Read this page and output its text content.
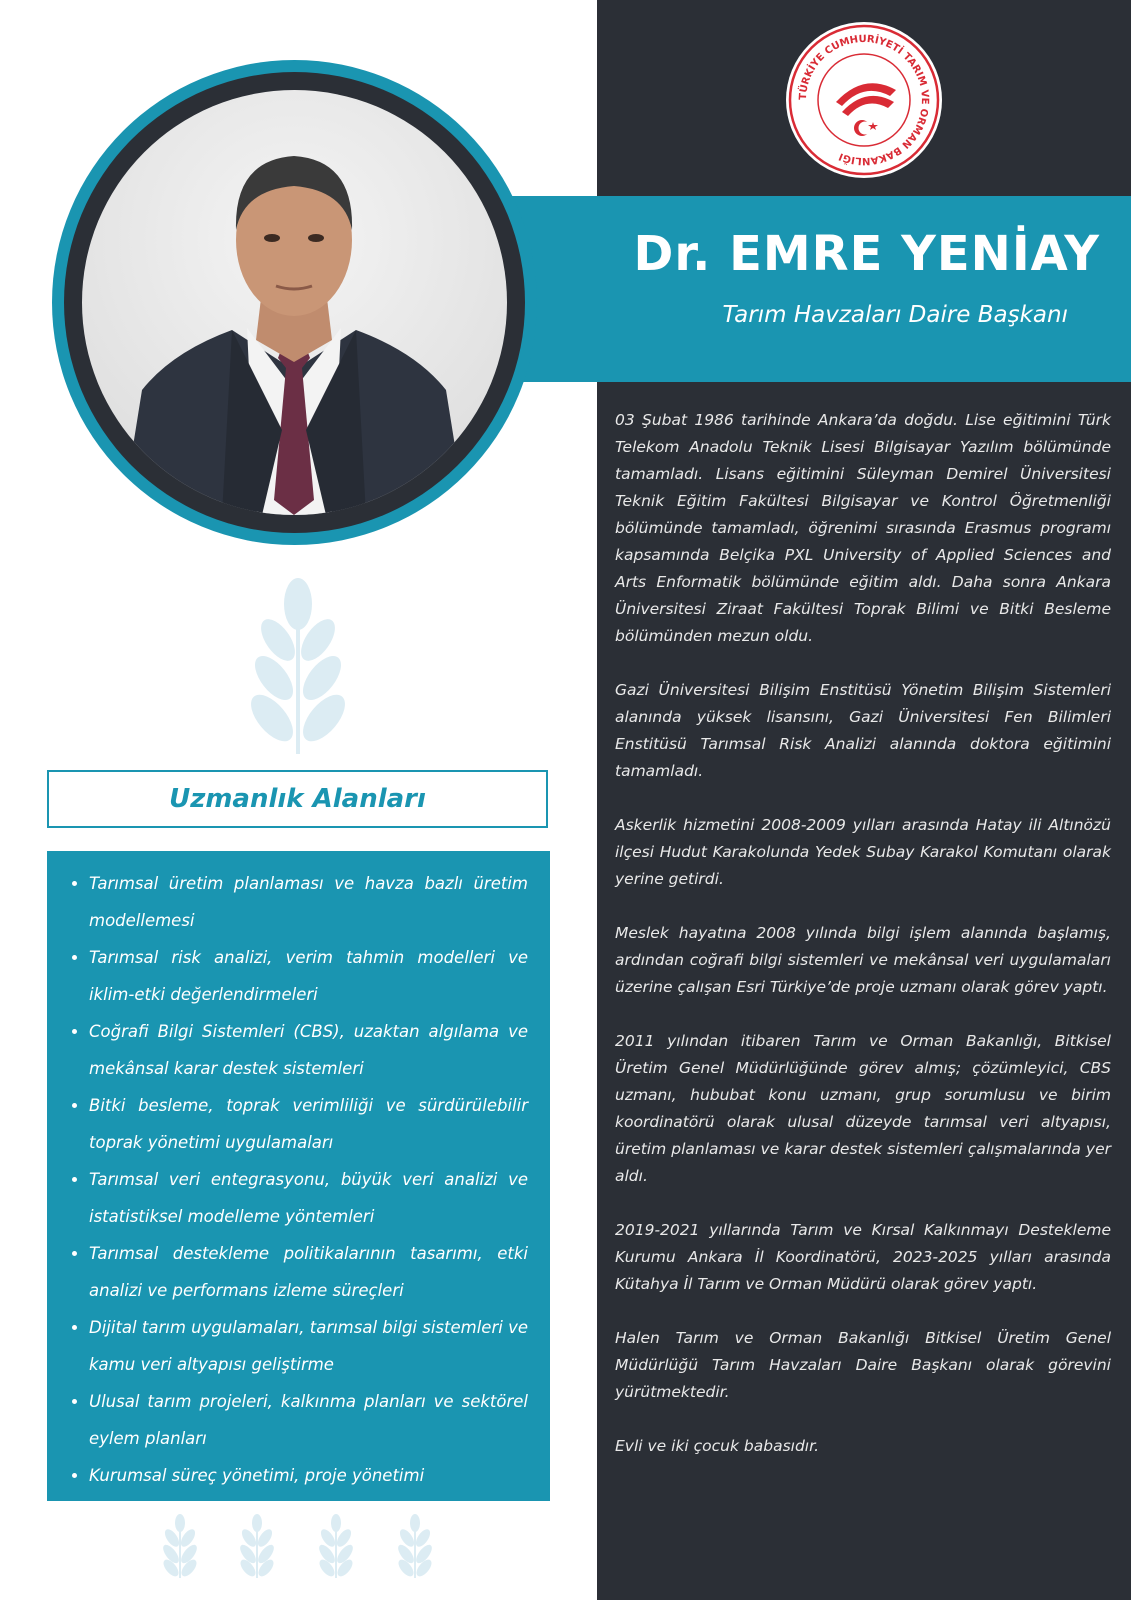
TÜRKİYE CUMHURİYETİ TARIM VE ORMAN BAKANLIĞI
Dr. EMRE YENİAY

Tarım Havzaları Daire Başkanı

03 Şubat 1986 tarihinde Ankara’da doğdu. Lise eğitimini Türk Telekom Anadolu Teknik Lisesi Bilgisayar Yazılım bölümünde tamamladı. Lisans eğitimini Süleyman Demirel Üniversitesi Teknik Eğitim Fakültesi Bilgisayar ve Kontrol Öğretmenliği bölümünde tamamladı, öğrenimi sırasında Erasmus programı kapsamında Belçika PXL University of Applied Sciences and Arts Enformatik bölümünde eğitim aldı. Daha sonra Ankara Üniversitesi Ziraat Fakültesi Toprak Bilimi ve Bitki Besleme bölümünden mezun oldu.

Gazi Üniversitesi Bilişim Enstitüsü Yönetim Bilişim Sistemleri alanında yüksek lisansını, Gazi Üniversitesi Fen Bilimleri Enstitüsü Tarımsal Risk Analizi alanında doktora eğitimini tamamladı.

Askerlik hizmetini 2008-2009 yılları arasında Hatay ili Altınözü ilçesi Hudut Karakolunda Yedek Subay Karakol Komutanı olarak yerine getirdi.

Meslek hayatına 2008 yılında bilgi işlem alanında başlamış, ardından coğrafi bilgi sistemleri ve mekânsal veri uygulamaları üzerine çalışan Esri Türkiye’de proje uzmanı olarak görev yaptı.

2011 yılından itibaren Tarım ve Orman Bakanlığı, Bitkisel Üretim Genel Müdürlüğünde görev almış; çözümleyici, CBS uzmanı, hububat konu uzmanı, grup sorumlusu ve birim koordinatörü olarak ulusal düzeyde tarımsal veri altyapısı, üretim planlaması ve karar destek sistemleri çalışmalarında yer aldı.

2019-2021 yıllarında Tarım ve Kırsal Kalkınmayı Destekleme Kurumu Ankara İl Koordinatörü, 2023-2025 yılları arasında Kütahya İl Tarım ve Orman Müdürü olarak görev yaptı.

Halen Tarım ve Orman Bakanlığı Bitkisel Üretim Genel Müdürlüğü Tarım Havzaları Daire Başkanı olarak görevini yürütmektedir.

Evli ve iki çocuk babasıdır.

Uzmanlık Alanları
• Tarımsal üretim planlaması ve havza bazlı üretim modellemesi
• Tarımsal risk analizi, verim tahmin modelleri ve iklim-etki değerlendirmeleri
• Coğrafi Bilgi Sistemleri (CBS), uzaktan algılama ve mekânsal karar destek sistemleri
• Bitki besleme, toprak verimliliği ve sürdürülebilir toprak yönetimi uygulamaları
• Tarımsal veri entegrasyonu, büyük veri analizi ve istatistiksel modelleme yöntemleri
• Tarımsal destekleme politikalarının tasarımı, etki analizi ve performans izleme süreçleri
• Dijital tarım uygulamaları, tarımsal bilgi sistemleri ve kamu veri altyapısı geliştirme
• Ulusal tarım projeleri, kalkınma planları ve sektörel eylem planları
• Kurumsal süreç yönetimi, proje yönetimi
